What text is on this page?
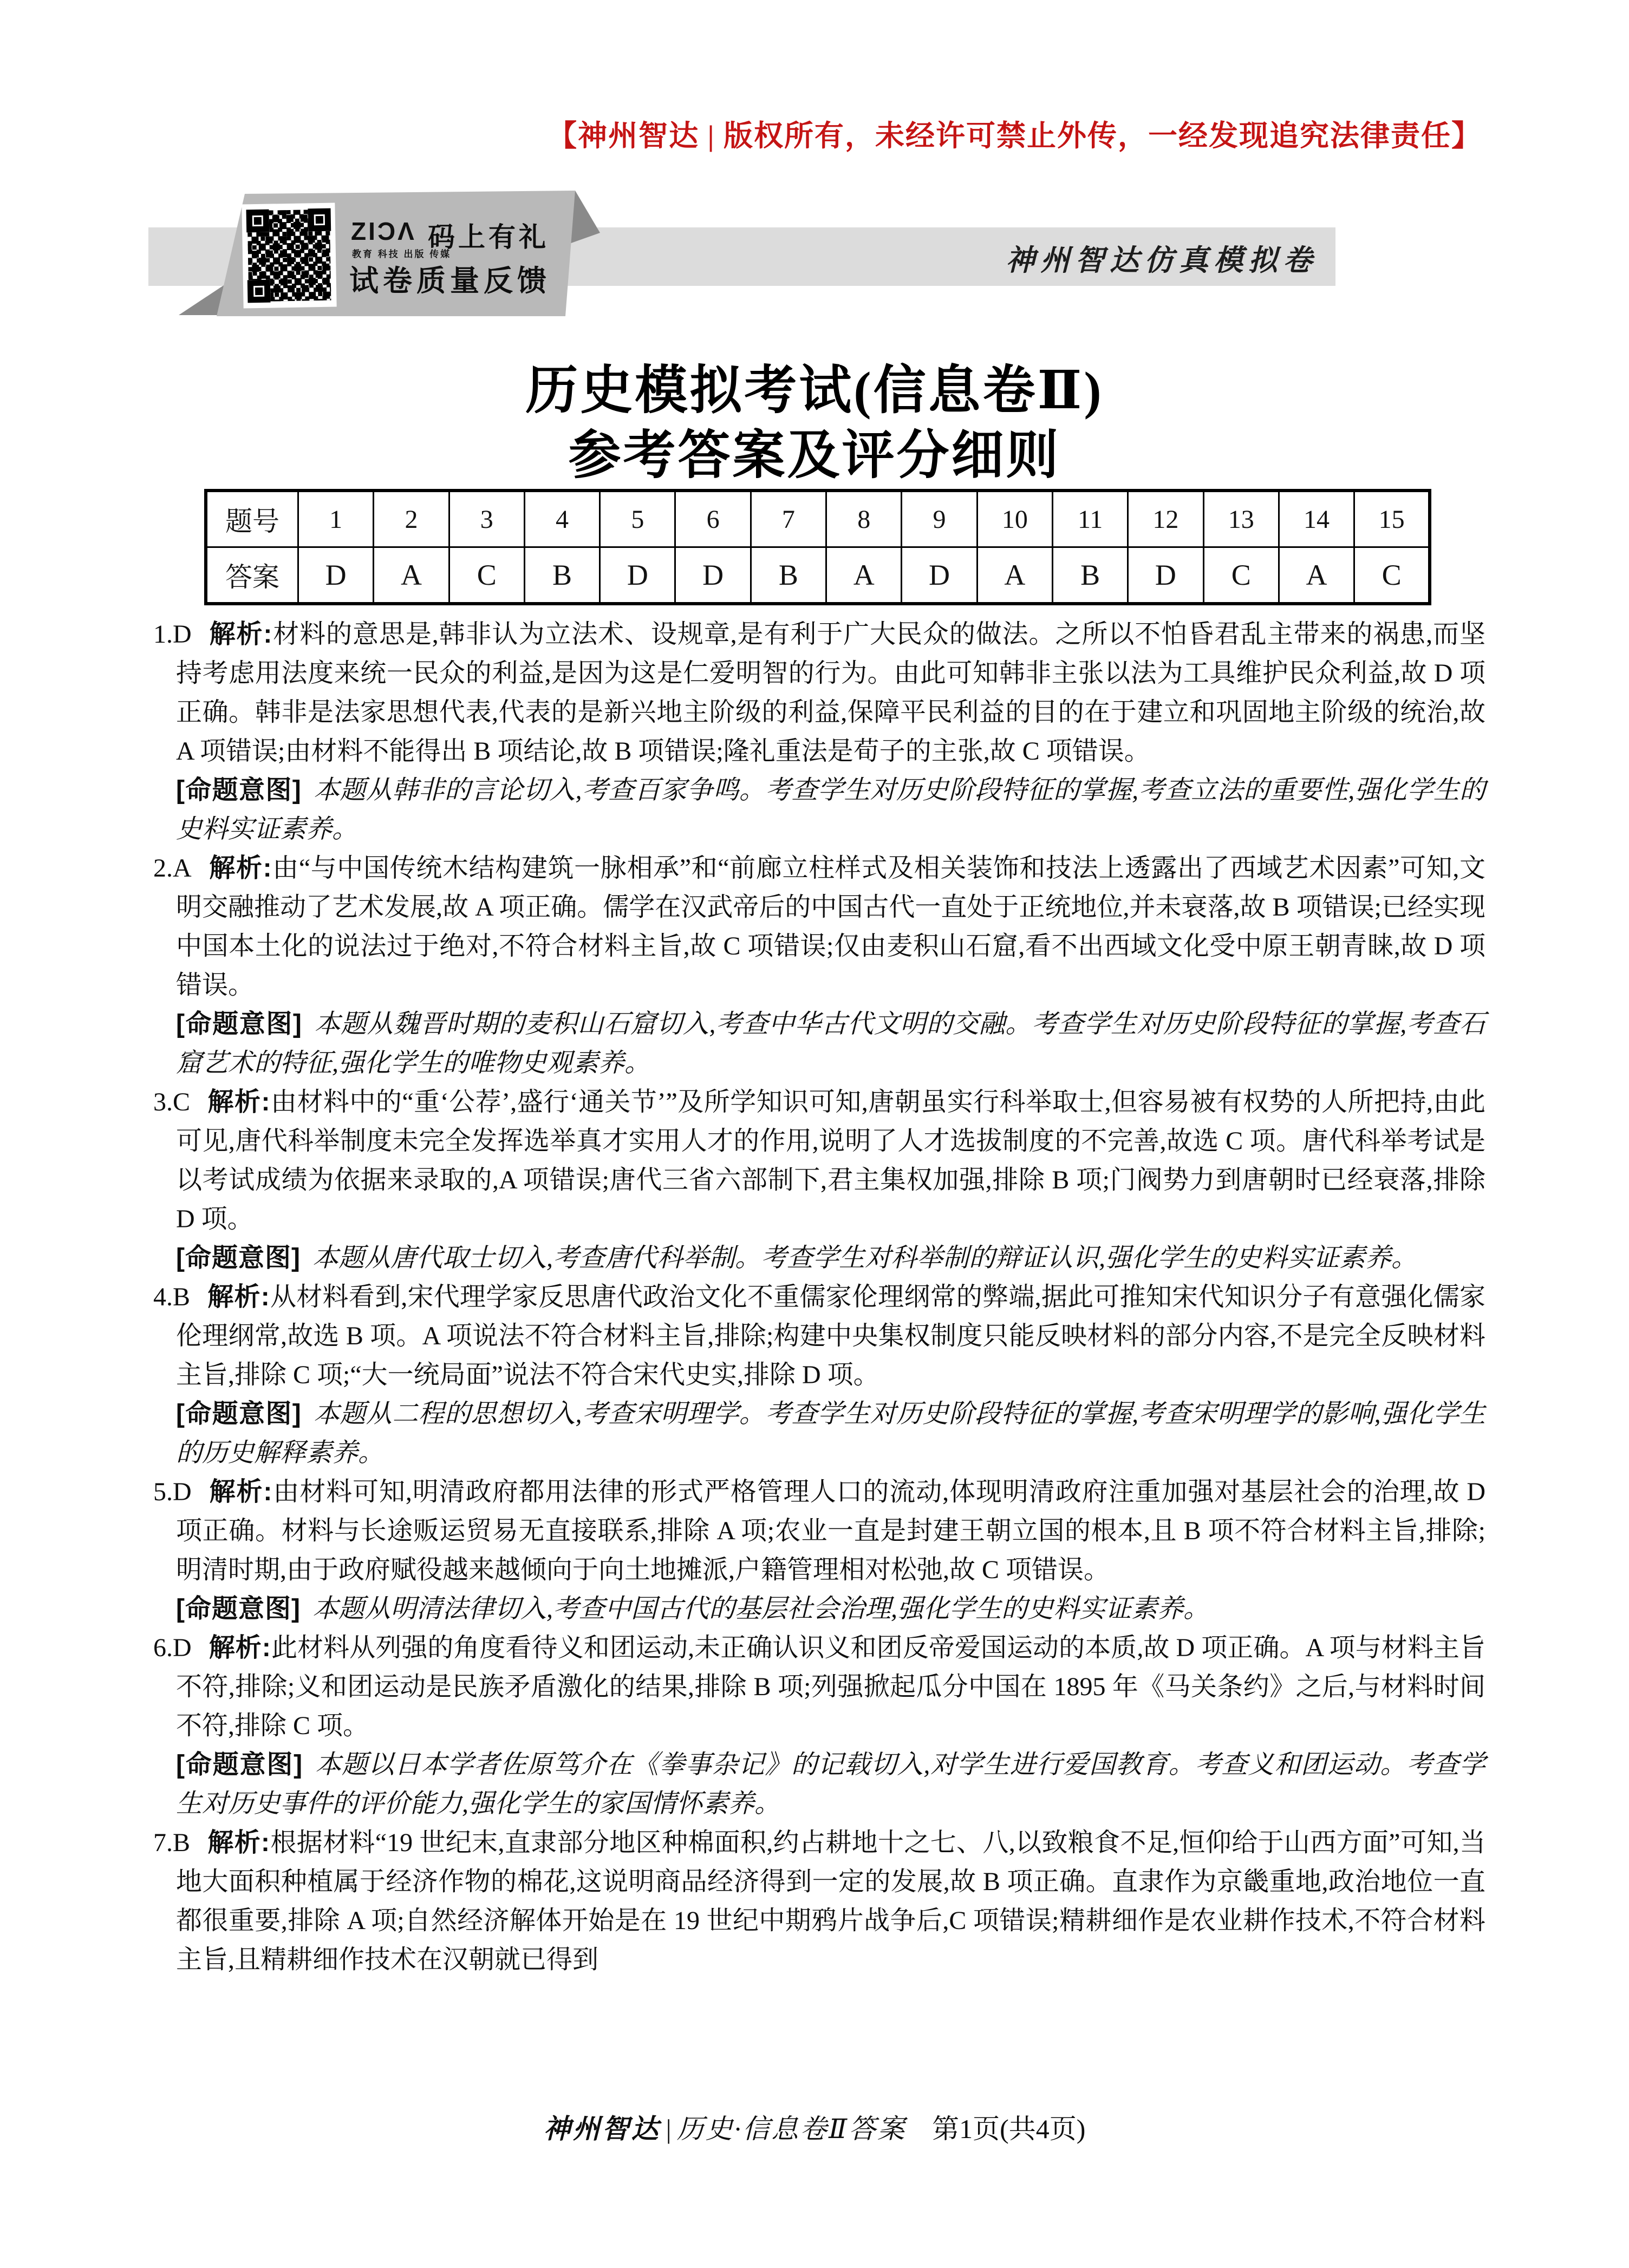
【神州智达 | 版权所有，未经许可禁止外传，一经发现追究法律责任】
神州智达仿真模拟卷
ZIƆΛ
教育 科技 出版 传媒
码上有礼
试卷质量反馈
历史模拟考试(信息卷Ⅱ)
参考答案及评分细则
题号	1	2	3	4	5	6	7	8	9	10	11	12	13	14	15
答案	D	A	C	B	D	D	B	A	D	A	B	D	C	A	C

1.D 解析:材料的意思是,韩非认为立法术、设规章,是有利于广大民众的做法。之所以不怕昏君乱主带来的祸患,而坚持考虑用法度来统一民众的利益,是因为这是仁爱明智的行为。由此可知韩非主张以法为工具维护民众利益,故 D 项正确。韩非是法家思想代表,代表的是新兴地主阶级的利益,保障平民利益的目的在于建立和巩固地主阶级的统治,故 A 项错误;由材料不能得出 B 项结论,故 B 项错误;隆礼重法是荀子的主张,故 C 项错误。

[命题意图] 本题从韩非的言论切入,考查百家争鸣。考查学生对历史阶段特征的掌握,考查立法的重要性,强化学生的史料实证素养。

2.A 解析:由“与中国传统木结构建筑一脉相承”和“前廊立柱样式及相关装饰和技法上透露出了西域艺术因素”可知,文明交融推动了艺术发展,故 A 项正确。儒学在汉武帝后的中国古代一直处于正统地位,并未衰落,故 B 项错误;已经实现中国本土化的说法过于绝对,不符合材料主旨,故 C 项错误;仅由麦积山石窟,看不出西域文化受中原王朝青睐,故 D 项错误。

[命题意图] 本题从魏晋时期的麦积山石窟切入,考查中华古代文明的交融。考查学生对历史阶段特征的掌握,考查石窟艺术的特征,强化学生的唯物史观素养。

3.C 解析:由材料中的“重‘公荐’,盛行‘通关节’”及所学知识可知,唐朝虽实行科举取士,但容易被有权势的人所把持,由此可见,唐代科举制度未完全发挥选举真才实用人才的作用,说明了人才选拔制度的不完善,故选 C 项。唐代科举考试是以考试成绩为依据来录取的,A 项错误;唐代三省六部制下,君主集权加强,排除 B 项;门阀势力到唐朝时已经衰落,排除 D 项。

[命题意图] 本题从唐代取士切入,考查唐代科举制。考查学生对科举制的辩证认识,强化学生的史料实证素养。

4.B 解析:从材料看到,宋代理学家反思唐代政治文化不重儒家伦理纲常的弊端,据此可推知宋代知识分子有意强化儒家伦理纲常,故选 B 项。A 项说法不符合材料主旨,排除;构建中央集权制度只能反映材料的部分内容,不是完全反映材料主旨,排除 C 项;“大一统局面”说法不符合宋代史实,排除 D 项。

[命题意图] 本题从二程的思想切入,考查宋明理学。考查学生对历史阶段特征的掌握,考查宋明理学的影响,强化学生的历史解释素养。

5.D 解析:由材料可知,明清政府都用法律的形式严格管理人口的流动,体现明清政府注重加强对基层社会的治理,故 D 项正确。材料与长途贩运贸易无直接联系,排除 A 项;农业一直是封建王朝立国的根本,且 B 项不符合材料主旨,排除;明清时期,由于政府赋役越来越倾向于向土地摊派,户籍管理相对松弛,故 C 项错误。

[命题意图] 本题从明清法律切入,考查中国古代的基层社会治理,强化学生的史料实证素养。

6.D 解析:此材料从列强的角度看待义和团运动,未正确认识义和团反帝爱国运动的本质,故 D 项正确。A 项与材料主旨不符,排除;义和团运动是民族矛盾激化的结果,排除 B 项;列强掀起瓜分中国在 1895 年《马关条约》之后,与材料时间不符,排除 C 项。

[命题意图] 本题以日本学者佐原笃介在《拳事杂记》的记载切入,对学生进行爱国教育。考查义和团运动。考查学生对历史事件的评价能力,强化学生的家国情怀素养。

7.B 解析:根据材料“19 世纪末,直隶部分地区种棉面积,约占耕地十之七、八,以致粮食不足,恒仰给于山西方面”可知,当地大面积种植属于经济作物的棉花,这说明商品经济得到一定的发展,故 B 项正确。直隶作为京畿重地,政治地位一直都很重要,排除 A 项;自然经济解体开始是在 19 世纪中期鸦片战争后,C 项错误;精耕细作是农业耕作技术,不符合材料主旨,且精耕细作技术在汉朝就已得到

神州智达 | 历史·信息卷Ⅱ答案 第1页(共4页)
